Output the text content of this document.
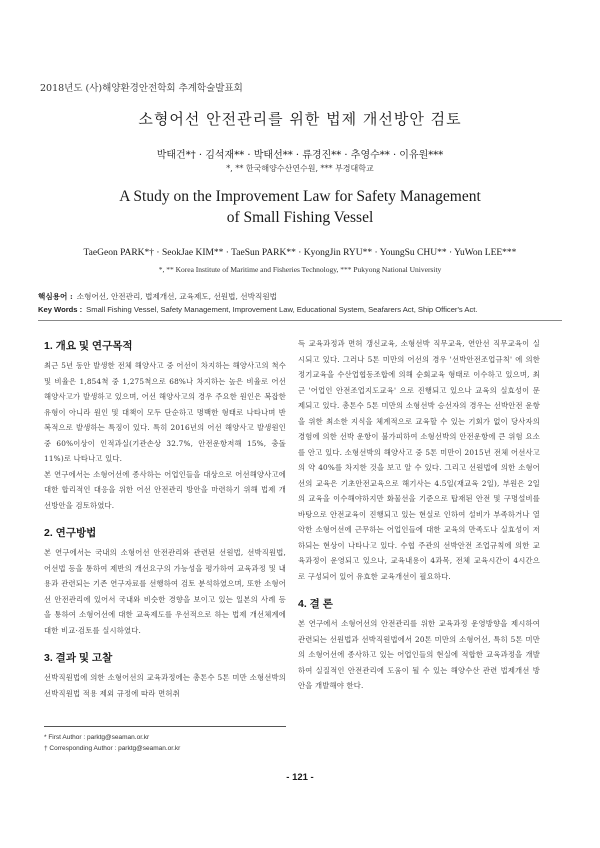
2018년도 (사)해양환경안전학회 추계학술발표회
소형어선 안전관리를 위한 법제 개선방안 검토
박태건*† · 김석재** · 박태선** · 류경진** · 추영수** · 이유원***
*, ** 한국해양수산연수원, *** 부경대학교
A Study on the Improvement Law for Safety Management
of Small Fishing Vessel
TaeGeon PARK*† · SeokJae KIM** · TaeSun PARK** · KyongJin RYU** · YoungSu CHU** · YuWon LEE***
*, ** Korea Institute of Maritime and Fisheries Technology, *** Pukyong National University
핵심용어 : 소형어선, 안전관리, 법제개선, 교육제도, 선원법, 선박직원법
Key Words : Small Fishing Vessel, Safety Management, Improvement Law, Educational System, Seafarers Act, Ship Officer's Act.
1. 개요 및 연구목적

최근 5년 동안 발생한 전체 해양사고 중 어선이 차지하는 해양사고의 척수 및 비율은 1,854척 중 1,275척으로 68%나 차지하는 높은 비율로 어선 해양사고가 발생하고 있으며, 어선 해양사고의 경우 주요한 원인은 복잡한 유형이 아니라 원인 및 대책이 모두 단순하고 명백한 형태로 나타나며 반복적으로 발생하는 특징이 있다. 특히 2016년의 어선 해양사고 발생원인 중 60%이상이 인적과실(기관손상 32.7%, 안전운항저해 15%, 충돌 11%)로 나타나고 있다.

본 연구에서는 소형어선에 종사하는 어업인들을 대상으로 어선해양사고에 대한 합리적인 대응을 위한 어선 안전관리 방안을 마련하기 위해 법제 개선방안을 검토하였다.

2. 연구방법

본 연구에서는 국내의 소형어선 안전관리와 관련된 선원법, 선박직원법, 어선법 등을 통하여 제반의 개선요구의 가능성을 평가하여 교육과정 및 내용과 관련되는 기존 연구자료를 선행하여 검토 분석하였으며, 또한 소형어선 안전관리에 있어서 국내와 비슷한 경향을 보이고 있는 일본의 사례 등을 통하여 소형어선에 대한 교육제도를 우선적으로 하는 법제 개선체계에 대한 비교·검토를 실시하였다.

3. 결과 및 고찰

선박직원법에 의한 소형어선의 교육과정에는 총톤수 5톤 미만 소형선박의 선박직원법 적용 제외 규정에 따라 면허취

득 교육과정과 면허 갱신교육, 소형선박 직무교육, 연안선 직무교육이 실시되고 있다. 그러나 5톤 미만의 어선의 경우 '선박안전조업규칙' 에 의한 정기교육을 수산업협동조합에 의해 순회교육 형태로 이수하고 있으며, 최근 '어업인 안전조업지도교육' 으로 진행되고 있으나 교육의 실효성이 문제되고 있다. 총톤수 5톤 미만의 소형선박 승선자의 경우는 선박안전 운항을 위한 최소한 지식을 체계적으로 교육할 수 있는 기회가 없이 당사자의 경험에 의한 선박 운항이 불가피하여 소형선박의 안전운항에 큰 위험 요소를 안고 있다. 소형선박의 해양사고 중 5톤 미만이 2015년 전체 어선사고의 약 40%를 차지한 것을 보고 알 수 있다. 그리고 선원법에 의한 소형어선의 교육은 기초안전교육으로 해기사는 4.5일(재교육 2일), 부원은 2일의 교육을 이수해야하지만 화물선을 기준으로 탑재된 안전 및 구명설비를 바탕으로 안전교육이 진행되고 있는 현실로 인하여 설비가 부족하거나 열악한 소형어선에 근무하는 어업인들에 대한 교육의 만족도나 실효성이 저하되는 현상이 나타나고 있다. 수협 주관의 선박안전 조업규칙에 의한 교육과정이 운영되고 있으나, 교육내용이 4과목, 전체 교육시간이 4시간으로 구성되어 있어 유효한 교육개선이 필요하다.

4. 결 론

본 연구에서 소형어선의 안전관리를 위한 교육과정 운영방향을 제시하여 관련되는 선원법과 선박직원법에서 20톤 미만의 소형어선, 특히 5톤 미만의 소형어선에 종사하고 있는 어업인들의 현실에 적합한 교육과정을 개발하여 실질적인 안전관리에 도움이 될 수 있는 해양수산 관련 법제개선 방안을 개발해야 한다.

* First Author : parktg@seaman.or.kr
† Corresponding Author : parktg@seaman.or.kr
- 121 -
